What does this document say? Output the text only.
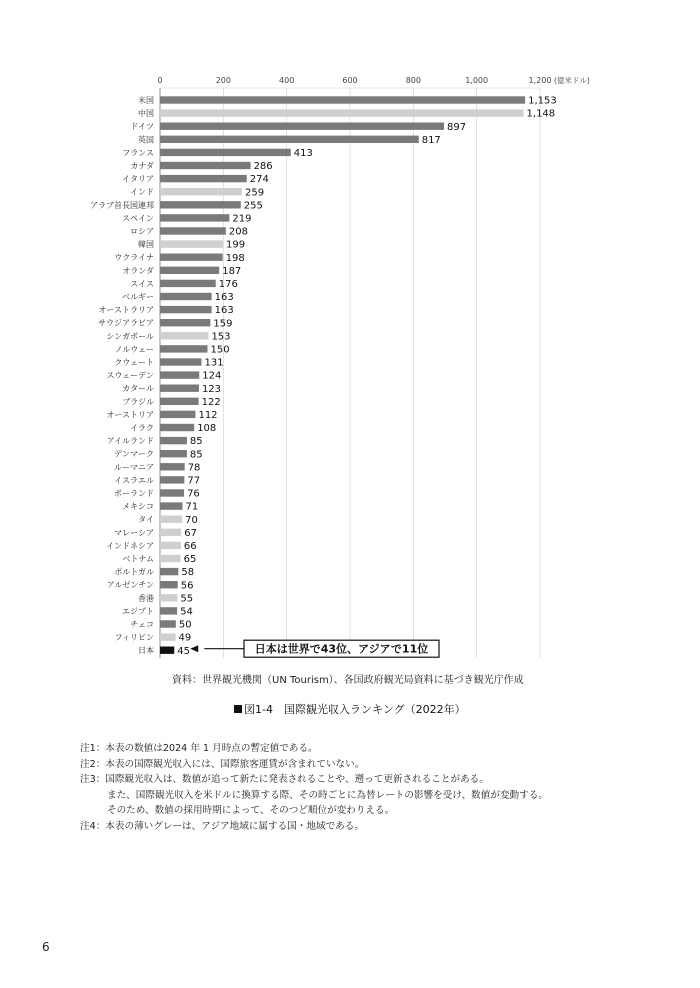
0	200	400	600	800	1,000	1,200 (億米ドル)
米国	1,153
中国	1,148
ドイツ	897
英国	817
フランス	413
カナダ	286
イタリア	274
インド	259
アラブ首長国連邦	255
スペイン	219
ロシア	208
韓国	199
ウクライナ	198
オランダ	187
スイス	176
ベルギー	163
オーストラリア	163
サウジアラビア	159
シンガポール	153
ノルウェー	150
クウェート	131
スウェーデン	124
カタール	123
ブラジル	122
オーストリア	112
イラク	108
アイルランド	85
デンマーク	85
ルーマニア	78
イスラエル	77
ポーランド	76
メキシコ	71
タイ	70
マレーシア	67
インドネシア	66
ベトナム	65
ポルトガル	58
アルゼンチン	56
香港	55
エジプト	54
チェコ 50
フィリピン 49
日本 45	日本は世界で43位、アジアで11位
資料：世界観光機関（UN Tourism）、各国政府観光局資料に基づき観光庁作成
図1-4　国際観光収入ランキング（2022年）
注1：本表の数値は2024 年 1 月時点の暫定値である。
注2：本表の国際観光収入には、国際旅客運賃が含まれていない。
注3：国際観光収入は、数値が追って新たに発表されることや、遡って更新されることがある。
また、国際観光収入を米ドルに換算する際、その時ごとに為替レートの影響を受け、数値が変動する。
そのため、数値の採用時期によって、そのつど順位が変わりえる。
注4：本表の薄いグレーは、アジア地域に属する国・地域である。
6
